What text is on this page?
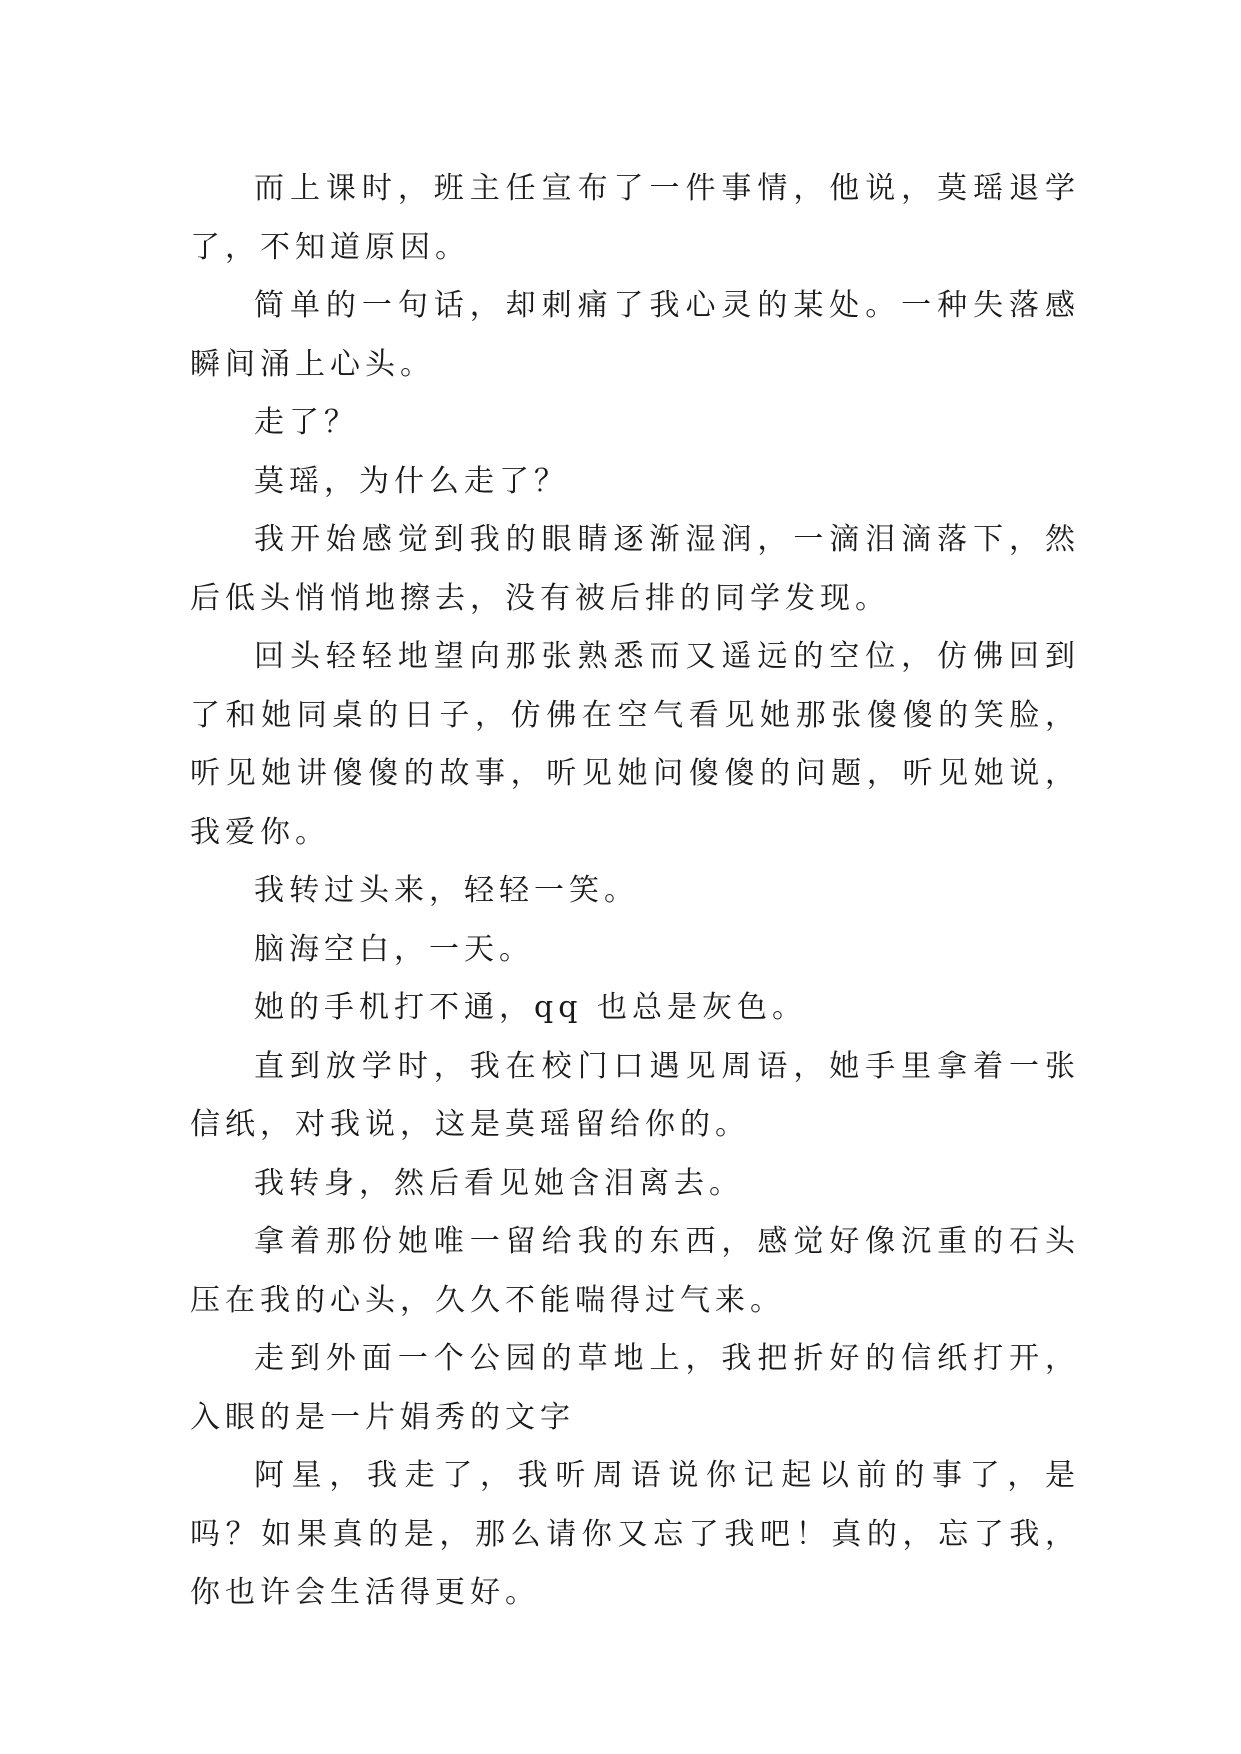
而上课时，班主任宣布了一件事情，他说，莫瑶退学了，不知道原因。

简单的一句话，却刺痛了我心灵的某处。一种失落感瞬间涌上心头。

走了？

莫瑶，为什么走了？

我开始感觉到我的眼睛逐渐湿润，一滴泪滴落下，然后低头悄悄地擦去，没有被后排的同学发现。

回头轻轻地望向那张熟悉而又遥远的空位，仿佛回到了和她同桌的日子，仿佛在空气看见她那张傻傻的笑脸，听见她讲傻傻的故事，听见她问傻傻的问题，听见她说，我爱你。

我转过头来，轻轻一笑。

脑海空白，一天。

她的手机打不通，qq 也总是灰色。

直到放学时，我在校门口遇见周语，她手里拿着一张信纸，对我说，这是莫瑶留给你的。

我转身，然后看见她含泪离去。

拿着那份她唯一留给我的东西，感觉好像沉重的石头压在我的心头，久久不能喘得过气来。

走到外面一个公园的草地上，我把折好的信纸打开，入眼的是一片娟秀的文字

阿星，我走了，我听周语说你记起以前的事了，是吗？如果真的是，那么请你又忘了我吧！真的，忘了我，你也许会生活得更好。
